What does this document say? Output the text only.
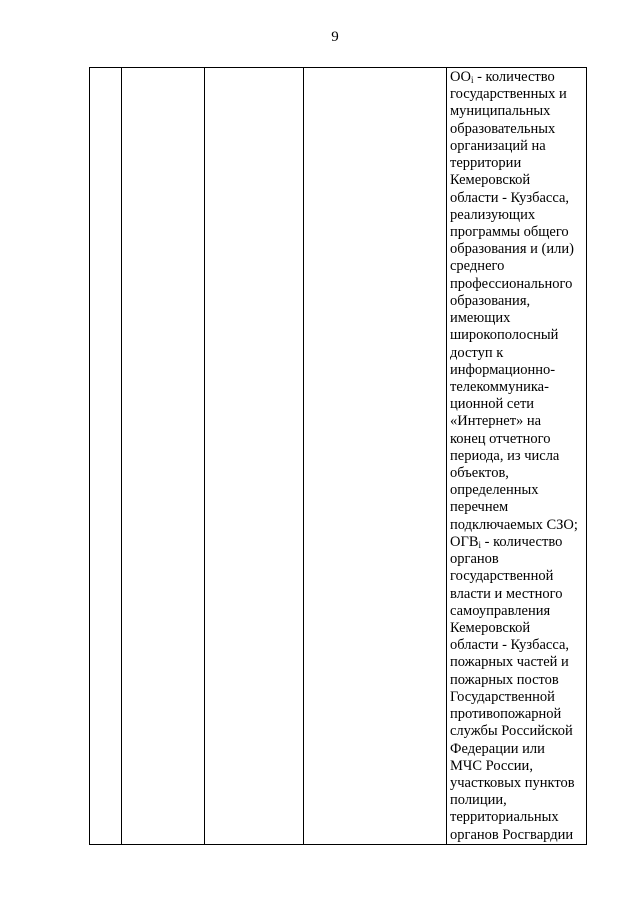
9
$ОО_i$ - количество
государственных и
муниципальных
образовательных
организаций на
территории
Кемеровской
области - Кузбасса,
реализующих
программы общего
образования и (или)
среднего
профессионального
образования,
имеющих
широкополосный
доступ к
информационно-
телекоммуника-
ционной сети
«Интернет» на
конец отчетного
периода, из числа
объектов,
определенных
перечнем
подключаемых СЗО;
$ОГВ_i$ - количество
органов
государственной
власти и местного
самоуправления
Кемеровской
области - Кузбасса,
пожарных частей и
пожарных постов
Государственной
противопожарной
службы Российской
Федерации или
МЧС России,
участковых пунктов
полиции,
территориальных
органов Росгвардии
